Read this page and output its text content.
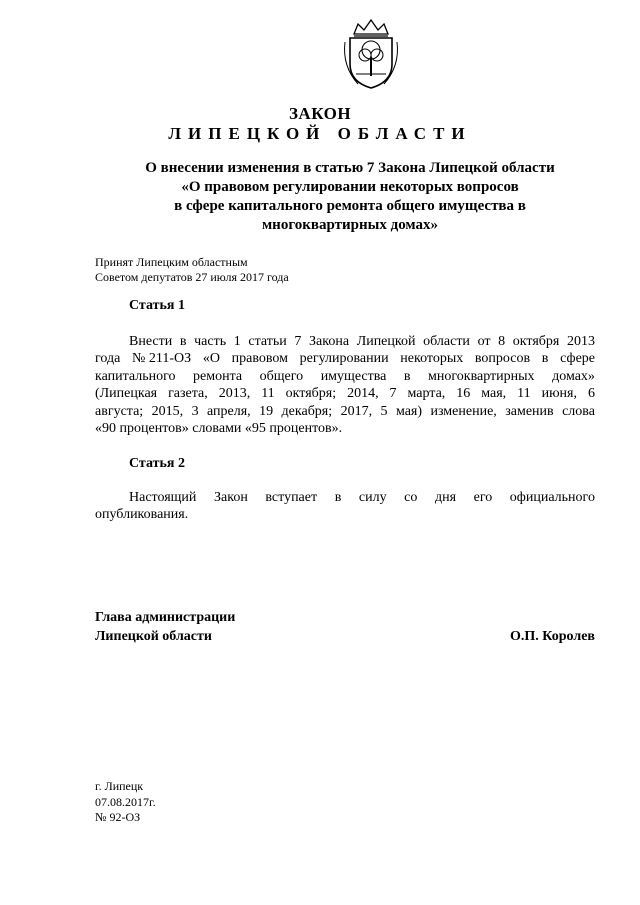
ЗАКОН
ЛИПЕЦКОЙ ОБЛАСТИ
О внесении изменения в статью 7 Закона Липецкой области
«О правовом регулировании некоторых вопросов
в сфере капитального ремонта общего имущества в
многоквартирных домах»
Принят Липецким областным
Советом депутатов 27 июля 2017 года
Статья 1
Внести в часть 1 статьи 7 Закона Липецкой области от 8 октября 2013
года № 211-ОЗ «О правовом регулировании некоторых вопросов в сфере
капитального ремонта общего имущества в многоквартирных домах»
(Липецкая газета, 2013, 11 октября; 2014, 7 марта, 16 мая, 11 июня, 6
августа; 2015, 3 апреля, 19 декабря; 2017, 5 мая) изменение, заменив слова
«90 процентов» словами «95 процентов».
Статья 2
Настоящий Закон вступает в силу со дня его официального
опубликования.
Глава администрации
Липецкой области	О.П. Королев
г. Липецк
07.08.2017г.
№ 92-ОЗ
